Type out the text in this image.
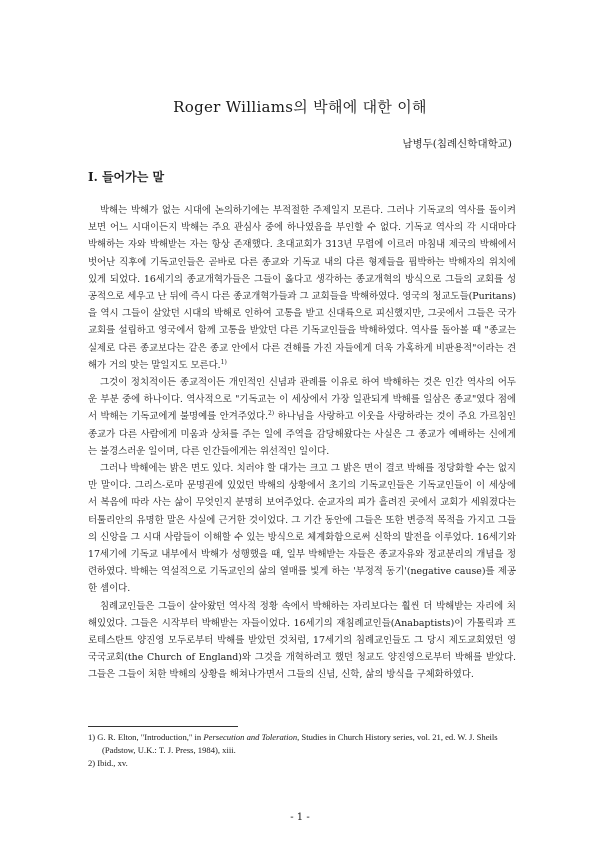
Roger Williams의 박해에 대한 이해
남병두(침례신학대학교)
I. 들어가는 말

박해는 박해가 없는 시대에 논의하기에는 부적절한 주제일지 모른다. 그러나 기독교의 역사를 돌이켜보면 어느 시대이든지 박해는 주요 관심사 중에 하나였음을 부인할 수 없다. 기독교 역사의 각 시대마다 박해하는 자와 박해받는 자는 항상 존재했다. 초대교회가 313년 무렵에 이르러 마침내 제국의 박해에서 벗어난 직후에 기독교인들은 곧바로 다른 종교와 기독교 내의 다른 형제들을 핍박하는 박해자의 위치에 있게 되었다. 16세기의 종교개혁가들은 그들이 옳다고 생각하는 종교개혁의 방식으로 그들의 교회를 성공적으로 세우고 난 뒤에 즉시 다른 종교개혁가들과 그 교회들을 박해하였다. 영국의 청교도들(Puritans)을 역시 그들이 살았던 시대의 박해로 인하여 고통을 받고 신대륙으로 피신했지만, 그곳에서 그들은 국가교회를 설립하고 영국에서 함께 고통을 받았던 다른 기독교인들을 박해하였다. 역사를 돌아볼 때 "종교는 실제로 다른 종교보다는 같은 종교 안에서 다른 견해를 가진 자들에게 더욱 가혹하게 비판용적"이라는 견해가 거의 맞는 말일지도 모른다.$^{1)}$

그것이 정치적이든 종교적이든 개인적인 신념과 관례를 이유로 하여 박해하는 것은 인간 역사의 어두운 부분 중에 하나이다. 역사적으로 "기독교는 이 세상에서 가장 일관되게 박해를 일삼은 종교"였다 점에서 박해는 기독교에게 불명예를 안겨주었다.$^{2)}$ 하나님을 사랑하고 이웃을 사랑하라는 것이 주요 가르침인 종교가 다른 사람에게 미움과 상처를 주는 일에 주역을 감당해왔다는 사실은 그 종교가 예배하는 신에게는 불경스러운 일이며, 다른 인간들에게는 위선적인 일이다.

그러나 박해에는 밝은 면도 있다. 치러야 할 대가는 크고 그 밝은 면이 결코 박해를 정당화할 수는 없지만 말이다. 그리스-로마 문명권에 있었던 박해의 상황에서 초기의 기독교인들은 기독교인들이 이 세상에서 복음에 따라 사는 삶이 무엇인지 분명히 보여주었다. 순교자의 피가 흘려진 곳에서 교회가 세워졌다는 터툴리안의 유명한 말은 사실에 근거한 것이었다. 그 기간 동안에 그들은 또한 변증적 목적을 가지고 그들의 신앙을 그 시대 사람들이 이해할 수 있는 방식으로 체계화함으로써 신학의 발전을 이루었다. 16세기와 17세기에 기독교 내부에서 박해가 성행했을 때, 일부 박해받는 자들은 종교자유와 정교분리의 개념을 정련하였다. 박해는 역설적으로 기독교인의 삶의 열매를 빛게 하는 '부정적 동기'(negative cause)를 제공한 셈이다.

침례교인들은 그들이 살아왔던 역사적 정황 속에서 박해하는 자리보다는 훨씬 더 박해받는 자리에 처해있었다. 그들은 시작부터 박해받는 자들이었다. 16세기의 재침례교인들(Anabaptists)이 가톨릭과 프로테스탄트 양진영 모두로부터 박해를 받았던 것처럼, 17세기의 침례교인들도 그 당시 제도교회였던 영국국교회(the Church of England)와 그것을 개혁하려고 했던 청교도 양진영으로부터 박해를 받았다. 그들은 그들이 처한 박해의 상황을 해쳐나가면서 그들의 신념, 신학, 삶의 방식을 구체화하였다.

1) G. R. Elton, "Introduction," in Persecution and Toleration, Studies in Church History series, vol. 21, ed. W. J. Sheils (Padstow, U.K.: T. J. Press, 1984), xiii.
2) Ibid., xv.
- 1 -
